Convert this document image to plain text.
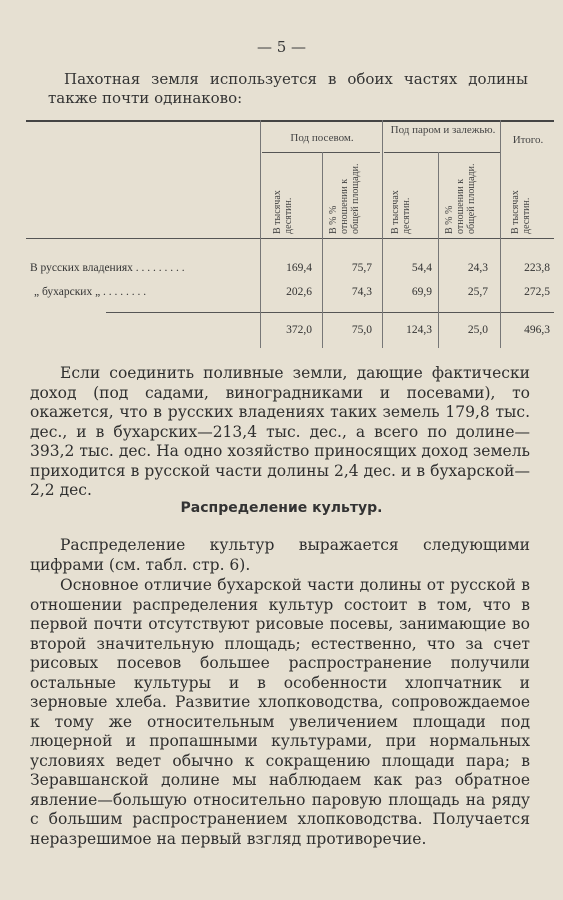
— 5 —
Пахотная земля используется в обоих частях долины также почти одинаково:
Под посевом.
Под паром и залежью.
Итого.
В тысячах десятин.	В % % отношении к общей площади.	В тысячах десятин.	В % % отношении к общей площади.	В тысячах десятин.
В русских владениях . . . . . . . . .	169,4	75,7	54,4	24,3	223,8
„ бухарских „ . . . . . . . .	202,6	74,3	69,9	25,7	272,5
372,0	75,0	124,3	25,0	496,3
Если соединить поливные земли, дающие фактически доход (под садами, виноградниками и посевами), то окажется, что в русских владениях таких земель 179,8 тыс. дес., и в бухарских—213,4 тыс. дес., а всего по долине—393,2 тыс. дес. На одно хозяйство приносящих доход земель приходится в русской части долины 2,4 дес. и в бухарской—2,2 дес.
Распределение культур.
Распределение культур выражается следующими цифрами (см. табл. стр. 6).
Основное отличие бухарской части долины от русской в отношении распределения культур состоит в том, что в первой почти отсутствуют рисовые посевы, занимающие во второй значительную площадь; естественно, что за счет рисовых посевов большее распространение получили остальные культуры и в особенности хлопчатник и зерновые хлеба. Развитие хлопководства, сопровождаемое к тому же относительным увеличением площади под люцерной и пропашными культурами, при нормальных условиях ведет обычно к сокращению площади пара; в Зеравшанской долине мы наблюдаем как раз обратное явление—большую относительно паровую площадь на ряду с большим распространением хлопководства. Получается неразрешимое на первый взгляд противоречие.
